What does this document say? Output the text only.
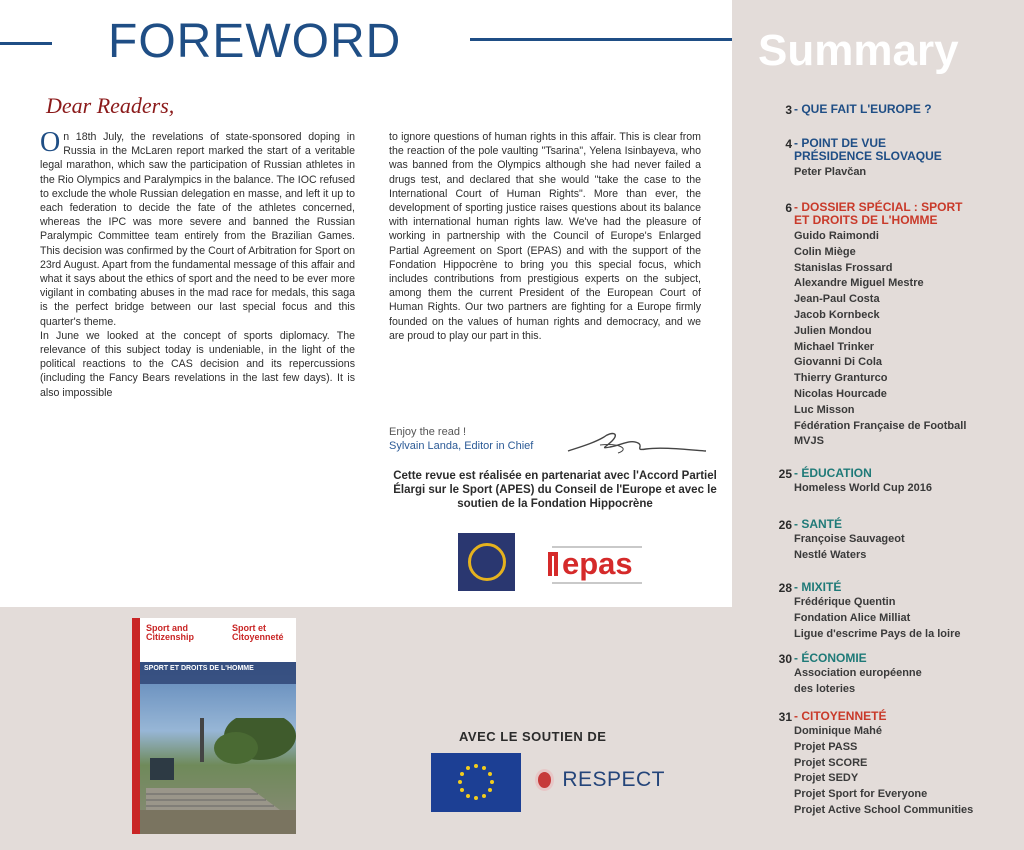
FOREWORD
Dear Readers,
O n 18th July, the revelations of state-sponsored doping in Russia in the McLaren report marked the start of a veritable legal marathon, which saw the participation of Russian athletes in the Rio Olympics and Paralympics in the balance. The IOC refused to exclude the whole Russian delegation en masse, and left it up to each federation to decide the fate of the athletes concerned, whereas the IPC was more severe and banned the Russian Paralympic Committee team entirely from the Brazilian Games. This decision was confirmed by the Court of Arbitration for Sport on 23rd August. Apart from the fundamental message of this affair and what it says about the ethics of sport and the need to be ever more vigilant in combating abuses in the mad race for medals, this saga is the perfect bridge between our last special focus and this quarter's theme.

In June we looked at the concept of sports diplomacy. The relevance of this subject today is undeniable, in the light of the political reactions to the CAS decision and its repercussions (including the Fancy Bears revelations in the last few days). It is also impossible

to ignore questions of human rights in this affair. This is clear from the reaction of the pole vaulting "Tsarina", Yelena Isinbayeva, who was banned from the Olympics although she had never failed a drugs test, and declared that she would "take the case to the International Court of Human Rights". More than ever, the development of sporting justice raises questions about its balance with international human rights law. We've had the pleasure of working in partnership with the Council of Europe's Enlarged Partial Agreement on Sport (EPAS) and with the support of the Fondation Hippocrène to bring you this special focus, which includes contributions from prestigious experts on the subject, among them the current President of the European Court of Human Rights. Our two partners are fighting for a Europe firmly founded on the values of human rights and democracy, and we are proud to play our part in this.

Enjoy the read !
Sylvain Landa, Editor in Chief
Cette revue est réalisée en partenariat avec l'Accord Partiel Élargi sur le Sport (APES) du Conseil de l'Europe et avec le soutien de la Fondation Hippocrène
epas
Sport and Citizenship
Sport et Citoyenneté
SPORT ET DROITS DE L'HOMME
AVEC LE SOUTIEN DE
RESPECT
Summary
3 - QUE FAIT L'EUROPE ?
4 - POINT DE VUE
PRÉSIDENCE SLOVAQUE
Peter Plavčan
6 - DOSSIER SPÉCIAL : SPORT
ET DROITS DE L'HOMME
Guido Raimondi
Colin Miège
Stanislas Frossard
Alexandre Miguel Mestre
Jean-Paul Costa
Jacob Kornbeck
Julien Mondou
Michael Trinker
Giovanni Di Cola
Thierry Granturco
Nicolas Hourcade
Luc Misson
Fédération Française de Football
MVJS
25 - ÉDUCATION
Homeless World Cup 2016
26 - SANTÉ
Françoise Sauvageot
Nestlé Waters
28 - MIXITÉ
Frédérique Quentin
Fondation Alice Milliat
Ligue d'escrime Pays de la loire
30 - ÉCONOMIE
Association européenne
des loteries
31 - CITOYENNETÉ
Dominique Mahé
Projet PASS
Projet SCORE
Projet SEDY
Projet Sport for Everyone
Projet Active School Communities
